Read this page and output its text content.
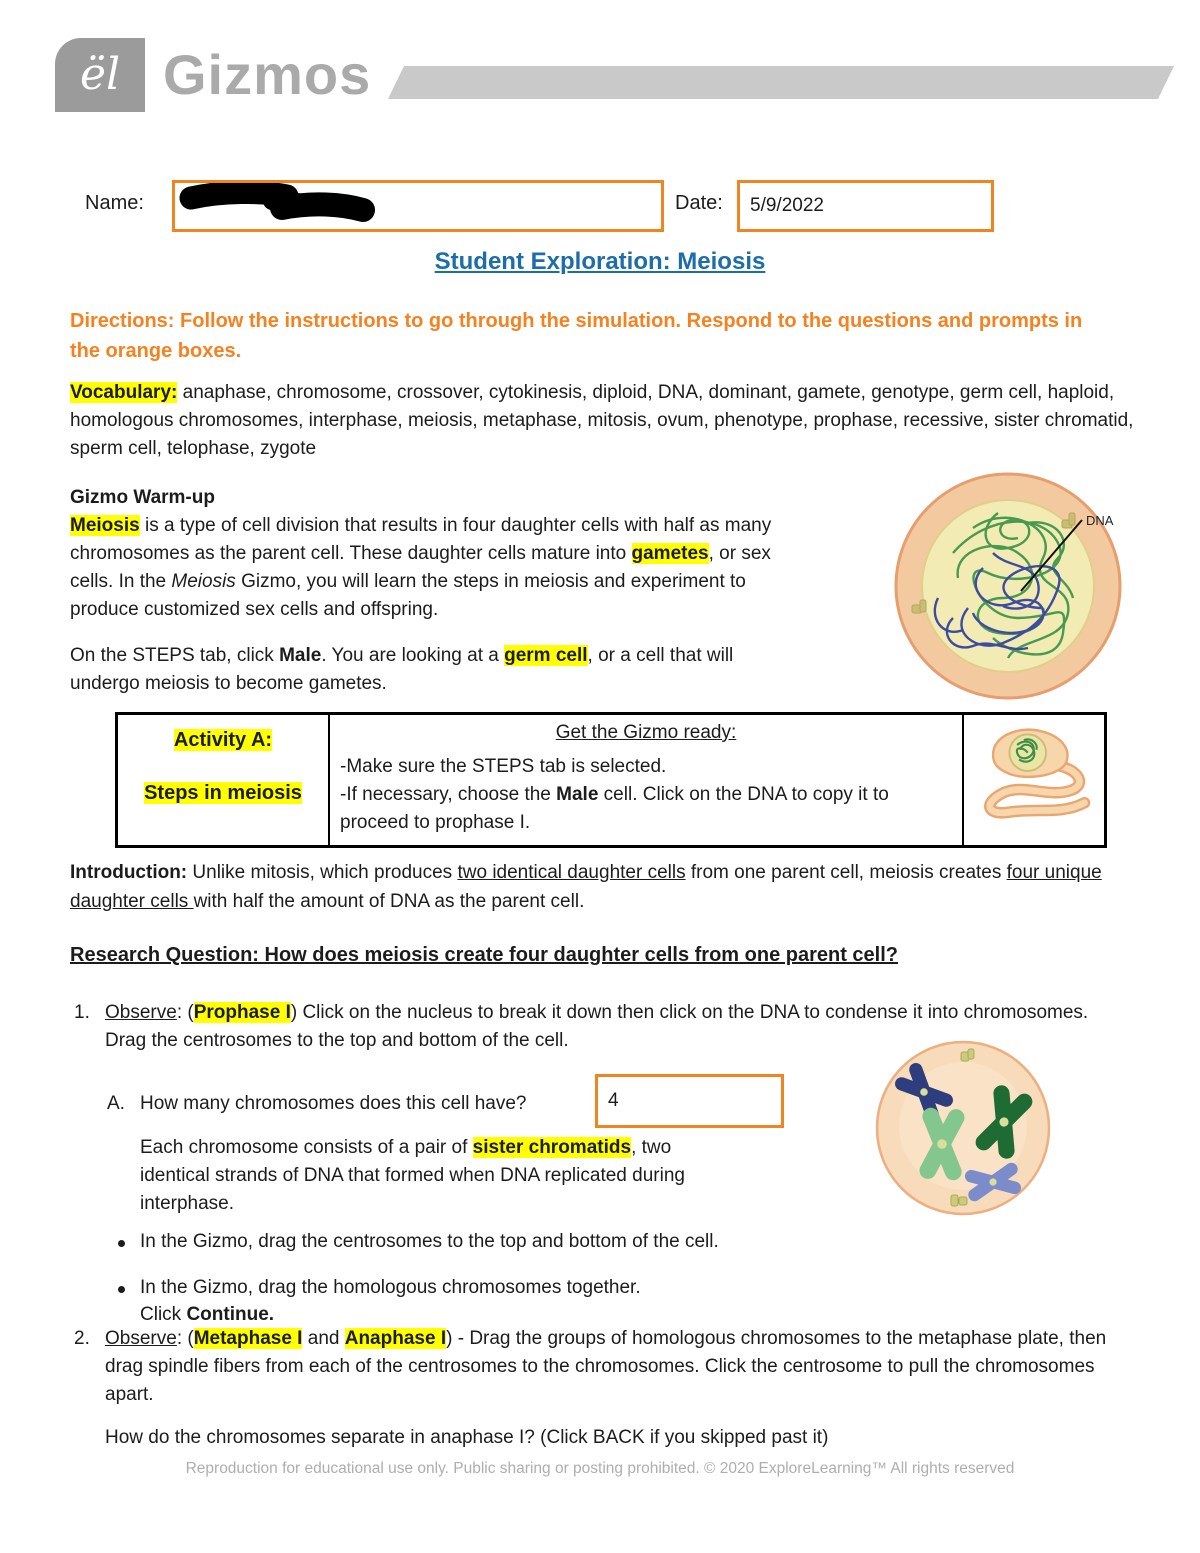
ël Gizmos
Name:	Date:	5/9/2022
Student Exploration: Meiosis
Directions: Follow the instructions to go through the simulation. Respond to the questions and prompts in the orange boxes.
Vocabulary: anaphase, chromosome, crossover, cytokinesis, diploid, DNA, dominant, gamete, genotype, germ cell, haploid, homologous chromosomes, interphase, meiosis, metaphase, mitosis, ovum, phenotype, prophase, recessive, sister chromatid, sperm cell, telophase, zygote
Gizmo Warm-up

Meiosis is a type of cell division that results in four daughter cells with half as many chromosomes as the parent cell. These daughter cells mature into gametes, or sex cells. In the Meiosis Gizmo, you will learn the steps in meiosis and experiment to produce customized sex cells and offspring.

On the STEPS tab, click Male. You are looking at a germ cell, or a cell that will undergo meiosis to become gametes.

DNA
Activity A:
Steps in meiosis

Get the Gizmo ready:

-Make sure the STEPS tab is selected.

-If necessary, choose the Male cell. Click on the DNA to copy it to proceed to prophase I.

Introduction: Unlike mitosis, which produces two identical daughter cells from one parent cell, meiosis creates four unique daughter cells with half the amount of DNA as the parent cell.
Research Question: How does meiosis create four daughter cells from one parent cell?
1. Observe: (Prophase I) Click on the nucleus to break it down then click on the DNA to condense it into chromosomes. Drag the centrosomes to the top and bottom of the cell.
A. How many chromosomes does this cell have?	4
Each chromosome consists of a pair of sister chromatids, two identical strands of DNA that formed when DNA replicated during interphase.
In the Gizmo, drag the centrosomes to the top and bottom of the cell.
In the Gizmo, drag the homologous chromosomes together.
Click Continue.
2. Observe: (Metaphase I and Anaphase I) - Drag the groups of homologous chromosomes to the metaphase plate, then drag spindle fibers from each of the centrosomes to the chromosomes. Click the centrosome to pull the chromosomes apart.
How do the chromosomes separate in anaphase I? (Click BACK if you skipped past it)
Reproduction for educational use only. Public sharing or posting prohibited. © 2020 ExploreLearning™ All rights reserved
